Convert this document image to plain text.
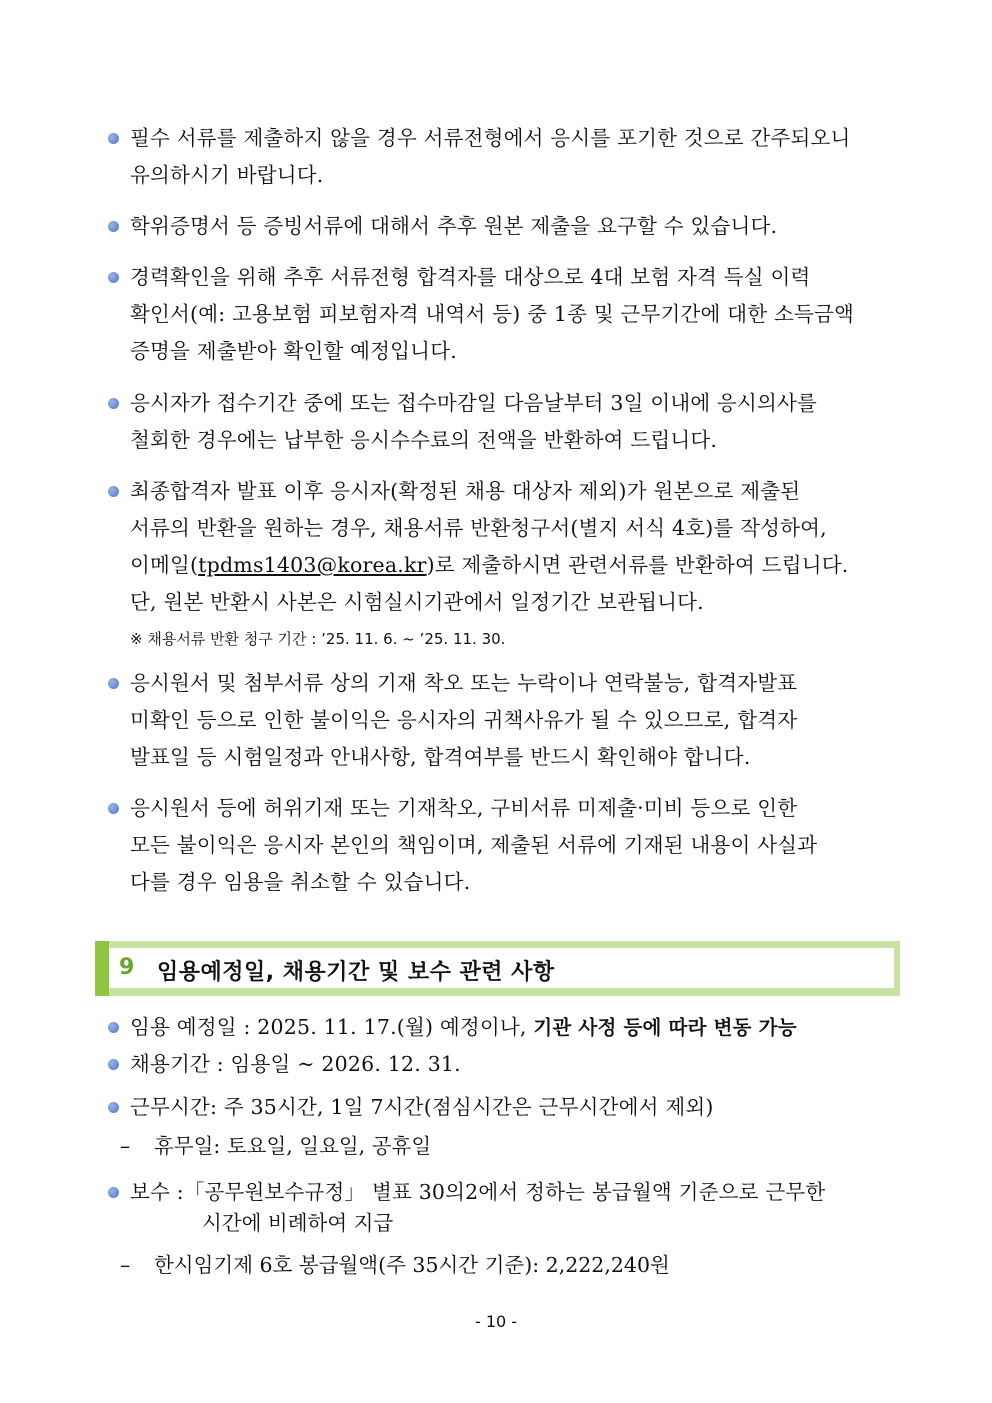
필수 서류를 제출하지 않을 경우 서류전형에서 응시를 포기한 것으로 간주되오니
유의하시기 바랍니다.
학위증명서 등 증빙서류에 대해서 추후 원본 제출을 요구할 수 있습니다.
경력확인을 위해 추후 서류전형 합격자를 대상으로 4대 보험 자격 득실 이력
확인서(예: 고용보험 피보험자격 내역서 등) 중 1종 및 근무기간에 대한 소득금액
증명을 제출받아 확인할 예정입니다.
응시자가 접수기간 중에 또는 접수마감일 다음날부터 3일 이내에 응시의사를
철회한 경우에는 납부한 응시수수료의 전액을 반환하여 드립니다.
최종합격자 발표 이후 응시자(확정된 채용 대상자 제외)가 원본으로 제출된
서류의 반환을 원하는 경우, 채용서류 반환청구서(별지 서식 4호)를 작성하여,
이메일(tpdms1403@korea.kr)로 제출하시면 관련서류를 반환하여 드립니다.
단, 원본 반환시 사본은 시험실시기관에서 일정기간 보관됩니다.
※ 채용서류 반환 청구 기간 : ’25. 11. 6. ~ ’25. 11. 30.
응시원서 및 첨부서류 상의 기재 착오 또는 누락이나 연락불능, 합격자발표
미확인 등으로 인한 불이익은 응시자의 귀책사유가 될 수 있으므로, 합격자
발표일 등 시험일정과 안내사항, 합격여부를 반드시 확인해야 합니다.
응시원서 등에 허위기재 또는 기재착오, 구비서류 미제출·미비 등으로 인한
모든 불이익은 응시자 본인의 책임이며, 제출된 서류에 기재된 내용이 사실과
다를 경우 임용을 취소할 수 있습니다.
9 임용예정일, 채용기간 및 보수 관련 사항
임용 예정일 : 2025. 11. 17.(월) 예정이나, 기관 사정 등에 따라 변동 가능
채용기간 : 임용일 ~ 2026. 12. 31.
근무시간: 주 35시간, 1일 7시간(점심시간은 근무시간에서 제외)
– 휴무일: 토요일, 일요일, 공휴일
보수 :「공무원보수규정」 별표 30의2에서 정하는 봉급월액 기준으로 근무한
시간에 비례하여 지급
– 한시임기제 6호 봉급월액(주 35시간 기준): 2,222,240원
- 10 -
